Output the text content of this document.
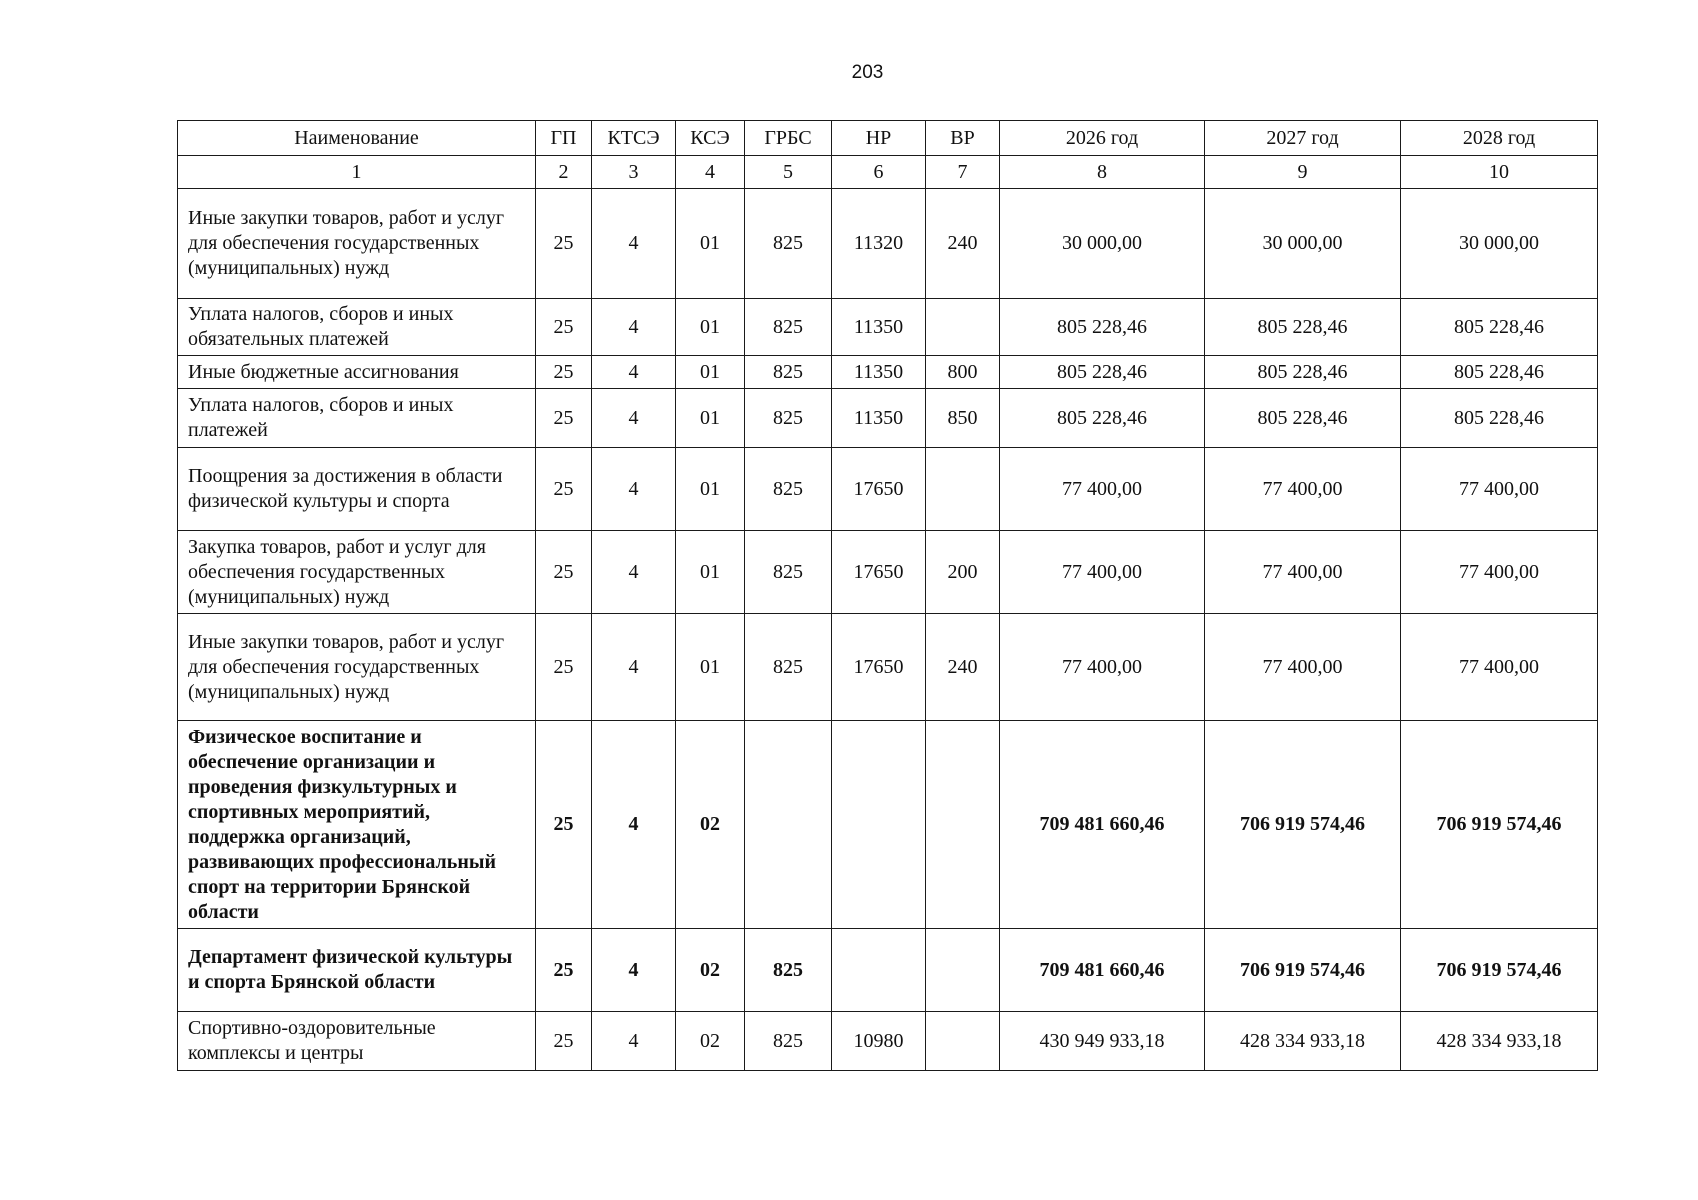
203
Наименование	ГП	КТСЭ	КСЭ	ГРБС	НР	ВР	2026 год	2027 год	2028 год
1	2	3	4	5	6	7	8	9	10
Иные закупки товаров, работ и услуг для обеспечения государственных (муниципальных) нужд	25	4	01	825	11320	240	30 000,00	30 000,00	30 000,00
Уплата налогов, сборов и иных обязательных платежей	25	4	01	825	11350		805 228,46	805 228,46	805 228,46
Иные бюджетные ассигнования	25	4	01	825	11350	800	805 228,46	805 228,46	805 228,46
Уплата налогов, сборов и иных платежей	25	4	01	825	11350	850	805 228,46	805 228,46	805 228,46
Поощрения за достижения в области физической культуры и спорта	25	4	01	825	17650		77 400,00	77 400,00	77 400,00
Закупка товаров, работ и услуг для обеспечения государственных (муниципальных) нужд	25	4	01	825	17650	200	77 400,00	77 400,00	77 400,00
Иные закупки товаров, работ и услуг для обеспечения государственных (муниципальных) нужд	25	4	01	825	17650	240	77 400,00	77 400,00	77 400,00
Физическое воспитание и обеспечение организации и проведения физкультурных и спортивных мероприятий, поддержка организаций, развивающих профессиональный спорт на территории Брянской области	25	4	02				709 481 660,46	706 919 574,46	706 919 574,46
Департамент физической культуры и спорта Брянской области	25	4	02	825			709 481 660,46	706 919 574,46	706 919 574,46
Спортивно-оздоровительные комплексы и центры	25	4	02	825	10980		430 949 933,18	428 334 933,18	428 334 933,18
